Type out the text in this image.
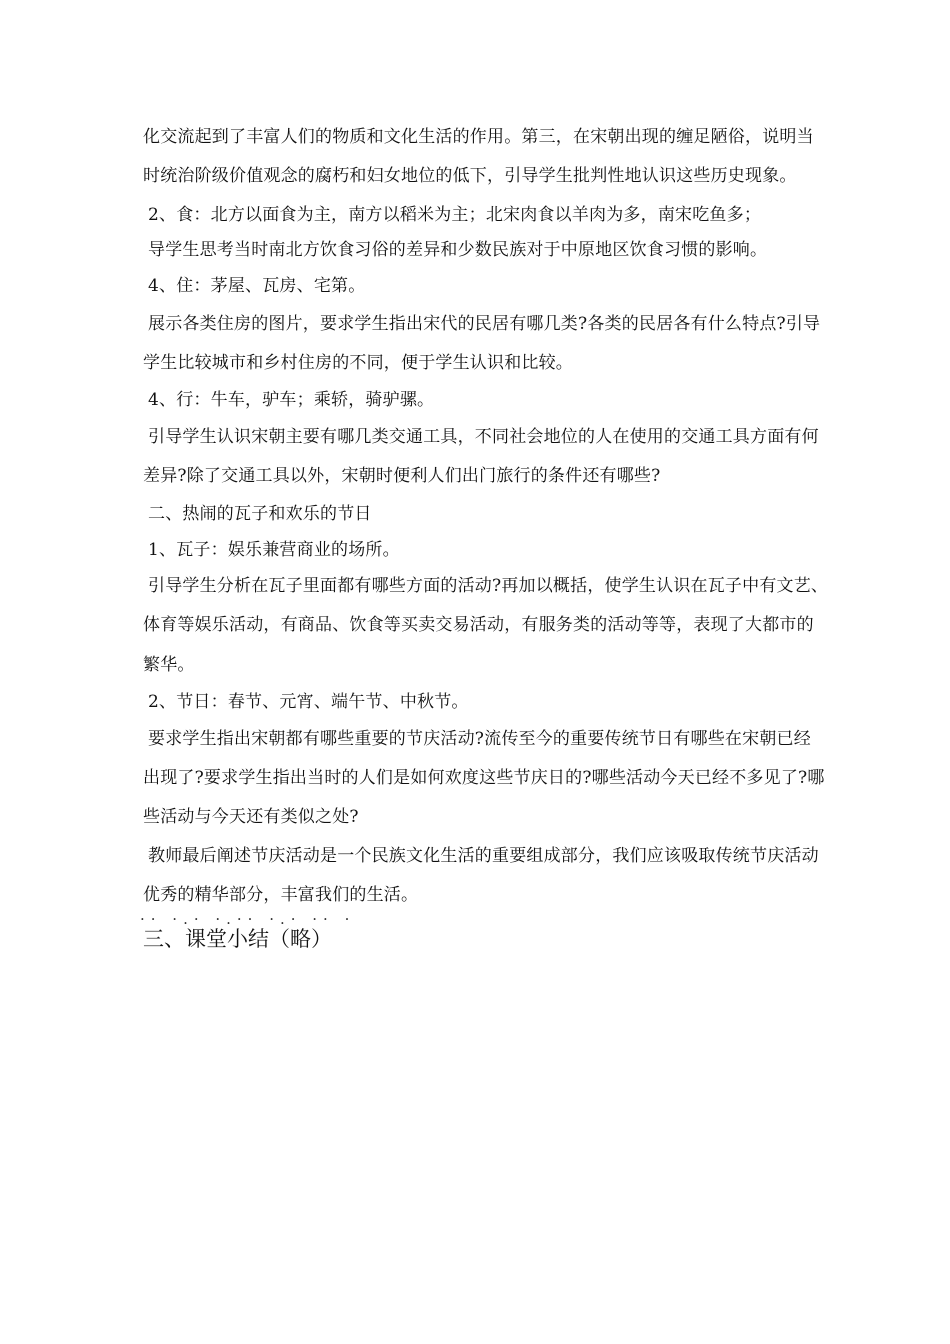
化交流起到了丰富人们的物质和文化生活的作用。第三，在宋朝出现的缠足陋俗，说明当
时统治阶级价值观念的腐朽和妇女地位的低下，引导学生批判性地认识这些历史现象。
2、食：北方以面食为主，南方以稻米为主；北宋肉食以羊肉为多，南宋吃鱼多；
导学生思考当时南北方饮食习俗的差异和少数民族对于中原地区饮食习惯的影响。
4、住：茅屋、瓦房、宅第。
展示各类住房的图片，要求学生指出宋代的民居有哪几类?各类的民居各有什么特点?引导
学生比较城市和乡村住房的不同，便于学生认识和比较。
4、行：牛车，驴车；乘轿，骑驴骡。
引导学生认识宋朝主要有哪几类交通工具，不同社会地位的人在使用的交通工具方面有何
差异?除了交通工具以外，宋朝时便利人们出门旅行的条件还有哪些?
二、热闹的瓦子和欢乐的节日
1、瓦子：娱乐兼营商业的场所。
引导学生分析在瓦子里面都有哪些方面的活动?再加以概括，使学生认识在瓦子中有文艺、
体育等娱乐活动，有商品、饮食等买卖交易活动，有服务类的活动等等，表现了大都市的
繁华。
2、节日：春节、元宵、端午节、中秋节。
要求学生指出宋朝都有哪些重要的节庆活动?流传至今的重要传统节日有哪些在宋朝已经
出现了?要求学生指出当时的人们是如何欢度这些节庆日的?哪些活动今天已经不多见了?哪
些活动与今天还有类似之处?
教师最后阐述节庆活动是一个民族文化生活的重要组成部分，我们应该吸取传统节庆活动
优秀的精华部分，丰富我们的生活。
·· ·.· ·.·· ·.· ·· ·
三、课堂小结（略）
